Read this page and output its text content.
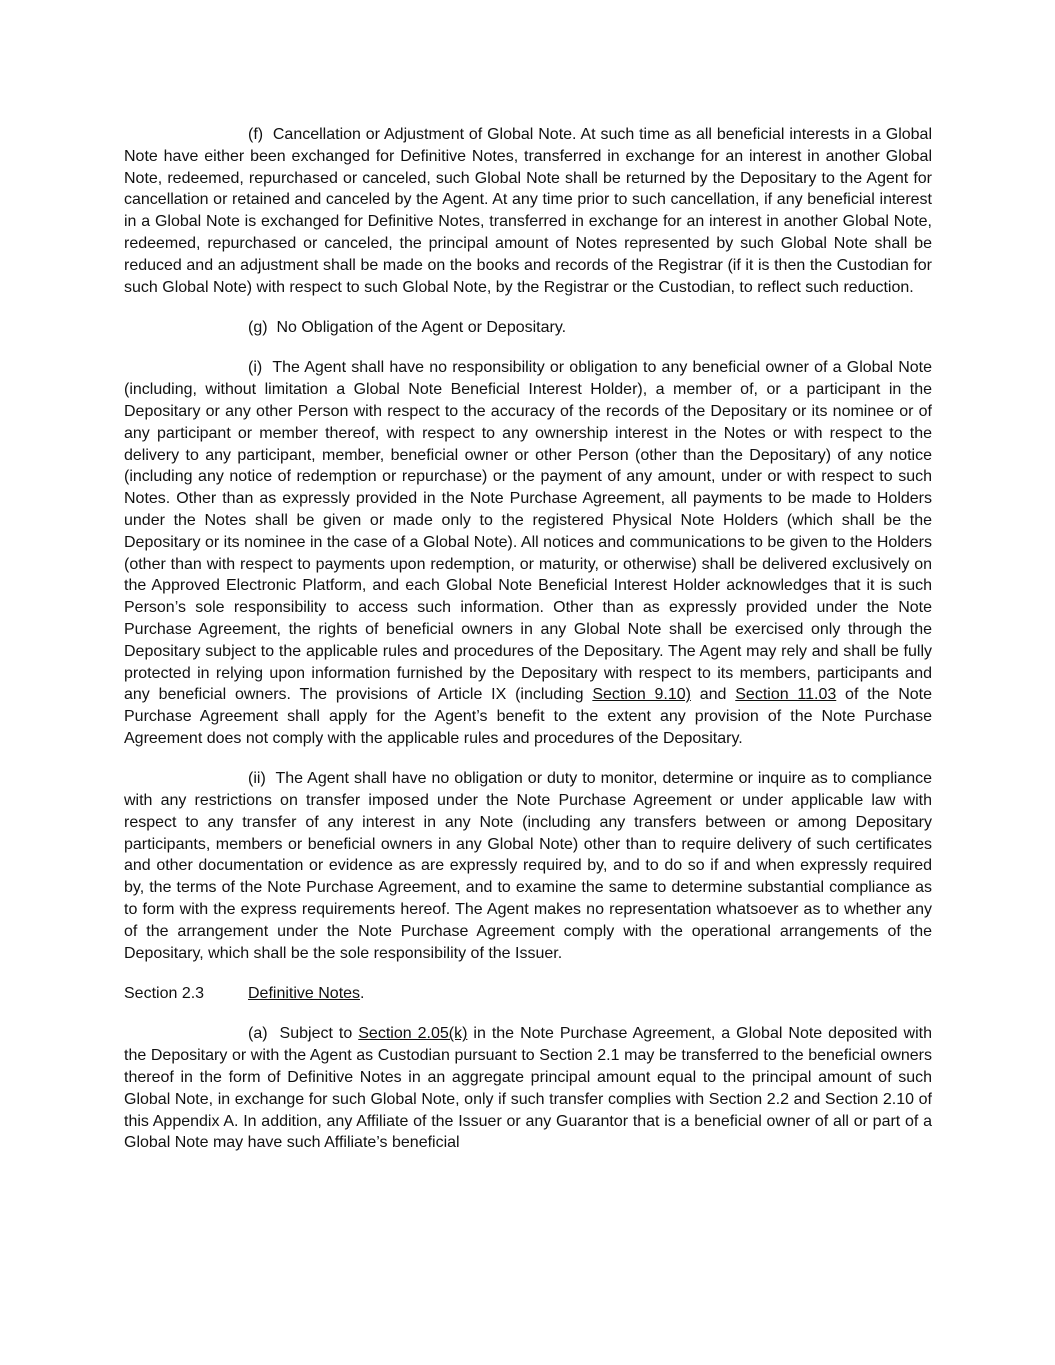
(f) Cancellation or Adjustment of Global Note. At such time as all beneficial interests in a Global Note have either been exchanged for Definitive Notes, transferred in exchange for an interest in another Global Note, redeemed, repurchased or canceled, such Global Note shall be returned by the Depositary to the Agent for cancellation or retained and canceled by the Agent. At any time prior to such cancellation, if any beneficial interest in a Global Note is exchanged for Definitive Notes, transferred in exchange for an interest in another Global Note, redeemed, repurchased or canceled, the principal amount of Notes represented by such Global Note shall be reduced and an adjustment shall be made on the books and records of the Registrar (if it is then the Custodian for such Global Note) with respect to such Global Note, by the Registrar or the Custodian, to reflect such reduction.

(g) No Obligation of the Agent or Depositary.

(i) The Agent shall have no responsibility or obligation to any beneficial owner of a Global Note (including, without limitation a Global Note Beneficial Interest Holder), a member of, or a participant in the Depositary or any other Person with respect to the accuracy of the records of the Depositary or its nominee or of any participant or member thereof, with respect to any ownership interest in the Notes or with respect to the delivery to any participant, member, beneficial owner or other Person (other than the Depositary) of any notice (including any notice of redemption or repurchase) or the payment of any amount, under or with respect to such Notes. Other than as expressly provided in the Note Purchase Agreement, all payments to be made to Holders under the Notes shall be given or made only to the registered Physical Note Holders (which shall be the Depositary or its nominee in the case of a Global Note). All notices and communications to be given to the Holders (other than with respect to payments upon redemption, or maturity, or otherwise) shall be delivered exclusively on the Approved Electronic Platform, and each Global Note Beneficial Interest Holder acknowledges that it is such Person’s sole responsibility to access such information. Other than as expressly provided under the Note Purchase Agreement, the rights of beneficial owners in any Global Note shall be exercised only through the Depositary subject to the applicable rules and procedures of the Depositary. The Agent may rely and shall be fully protected in relying upon information furnished by the Depositary with respect to its members, participants and any beneficial owners. The provisions of Article IX (including Section 9.10) and Section 11.03 of the Note Purchase Agreement shall apply for the Agent’s benefit to the extent any provision of the Note Purchase Agreement does not comply with the applicable rules and procedures of the Depositary.

(ii) The Agent shall have no obligation or duty to monitor, determine or inquire as to compliance with any restrictions on transfer imposed under the Note Purchase Agreement or under applicable law with respect to any transfer of any interest in any Note (including any transfers between or among Depositary participants, members or beneficial owners in any Global Note) other than to require delivery of such certificates and other documentation or evidence as are expressly required by, and to do so if and when expressly required by, the terms of the Note Purchase Agreement, and to examine the same to determine substantial compliance as to form with the express requirements hereof. The Agent makes no representation whatsoever as to whether any of the arrangement under the Note Purchase Agreement comply with the operational arrangements of the Depositary, which shall be the sole responsibility of the Issuer.

Section 2.3	Definitive Notes.

(a) Subject to Section 2.05(k) in the Note Purchase Agreement, a Global Note deposited with the Depositary or with the Agent as Custodian pursuant to Section 2.1 may be transferred to the beneficial owners thereof in the form of Definitive Notes in an aggregate principal amount equal to the principal amount of such Global Note, in exchange for such Global Note, only if such transfer complies with Section 2.2 and Section 2.10 of this Appendix A. In addition, any Affiliate of the Issuer or any Guarantor that is a beneficial owner of all or part of a Global Note may have such Affiliate’s beneficial
